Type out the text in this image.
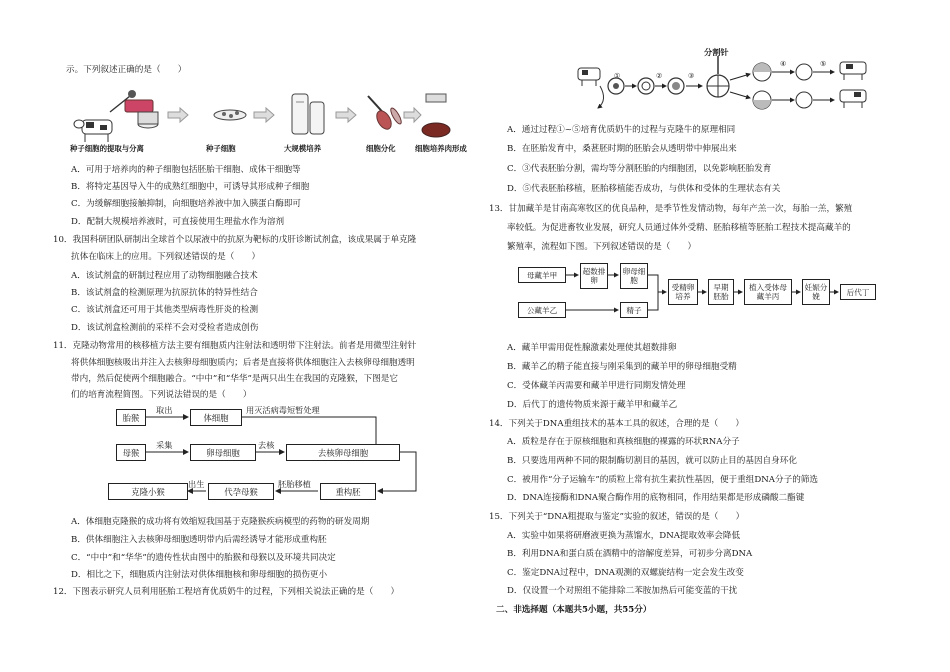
示。下列叙述正确的是（　　）
种子细胞的提取与分离	种子细胞	大规模培养	细胞分化	细胞培养肉形成
A．可用于培养肉的种子细胞包括胚胎干细胞、成体干细胞等
B．将特定基因导入牛的成熟红细胞中，可诱导其形成种子细胞
C．为缓解细胞接触抑制，向细胞培养液中加入胰蛋白酶即可
D．配制大规模培养液时，可直接使用生理盐水作为溶剂
10．我国科研团队研制出全球首个以尿液中的抗原为靶标的戊肝诊断试剂盒，该成果属于单克隆
抗体在临床上的应用。下列叙述错误的是（　　）
A．该试剂盒的研制过程应用了动物细胞融合技术
B．该试剂盒的检测原理为抗原抗体的特异性结合
C．该试剂盒还可用于其他类型病毒性肝炎的检测
D．该试剂盒检测前的采样不会对受检者造成创伤
11．克隆动物常用的核移植方法主要有细胞质内注射法和透明带下注射法。前者是用微型注射针
将供体细胞核吸出并注入去核卵母细胞质内；后者是直接将供体细胞注入去核卵母细胞透明
带内，然后促使两个细胞融合。“中中”和“华华”是两只出生在我国的克隆猴，下图是它
们的培育流程简图。下列说法错误的是（　　）
胎猴	体细胞
母猴	卵母细胞	去核卵母细胞
克隆小猴	代孕母猴	重构胚
取出	用灭活病毒短暂处理
采集	去核
出生	胚胎移植
A．体细胞克隆猴的成功将有效缩短我国基于克隆猴疾病模型的药物的研发周期
B．供体细胞注入去核卵母细胞透明带内后需经诱导才能形成重构胚
C．“中中”和“华华”的遗传性状由图中的胎猴和母猴以及环境共同决定
D．相比之下，细胞质内注射法对供体细胞核和卵母细胞的损伤更小
12．下图表示研究人员利用胚胎工程培育优质奶牛的过程，下列相关说法正确的是（　　）
分割针
①	②	③
④	⑤
A．通过过程①~⑤培育优质奶牛的过程与克隆牛的原理相同
B．在胚胎发育中，桑葚胚时期的胚胎会从透明带中伸展出来
C．③代表胚胎分割，需均等分割胚胎的内细胞团，以免影响胚胎发育
D．⑤代表胚胎移植，胚胎移植能否成功，与供体和受体的生理状态有关
13．甘加藏羊是甘南高寒牧区的优良品种，是季节性发情动物，每年产羔一次，每胎一羔，繁殖
率较低。为促进畜牧业发展，研究人员通过体外受精、胚胎移植等胚胎工程技术提高藏羊的
繁殖率，流程如下图。下列叙述错误的是（　　）
母藏羊甲	超数排卵
卵母细胞
受精卵培养
早期胚胎
植入受体母藏羊丙
妊娠分娩	后代丁
公藏羊乙	精子
A．藏羊甲需用促性腺激素处理使其超数排卵
B．藏羊乙的精子能直接与刚采集到的藏羊甲的卵母细胞受精
C．受体藏羊丙需要和藏羊甲进行同期发情处理
D．后代丁的遗传物质来源于藏羊甲和藏羊乙
14．下列关于DNA重组技术的基本工具的叙述，合理的是（　　）
A．质粒是存在于原核细胞和真核细胞的裸露的环状RNA分子
B．只要选用两种不同的限制酶切割目的基因，就可以防止目的基因自身环化
C．被用作“分子运输车”的质粒上常有抗生素抗性基因，便于重组DNA分子的筛选
D．DNA连接酶和DNA聚合酶作用的底物相同，作用结果都是形成磷酸二酯键
15．下列关于“DNA粗提取与鉴定”实验的叙述，错误的是（　　）
A．实验中如果将研磨液更换为蒸馏水，DNA提取效率会降低
B．利用DNA和蛋白质在酒精中的溶解度差异，可初步分离DNA
C．鉴定DNA过程中，DNA观测的双螺旋结构一定会发生改变
D．仅设置一个对照组不能排除二苯胺加热后可能变蓝的干扰
二、非选择题（本题共5小题，共55分）
